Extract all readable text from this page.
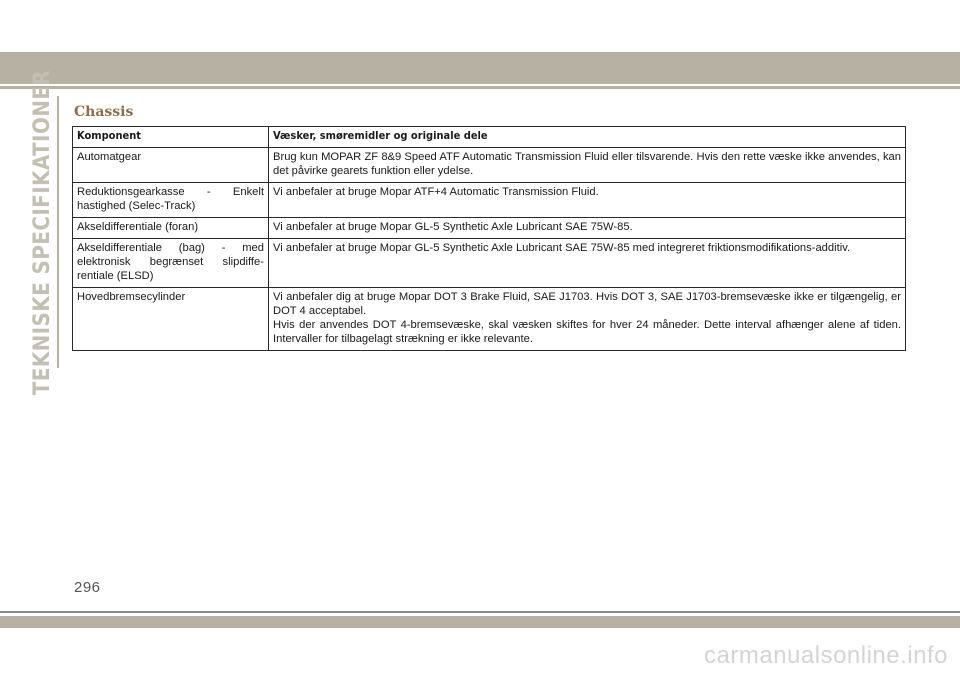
TEKNISKE SPECIFIKATIONER Chassis
Komponent	Væsker, smøremidler og originale dele
Automatgear	Brug kun MOPAR ZF 8&9 Speed ATF Automatic Transmission Fluid eller tilsvarende. Hvis den rette væske ikke anvendes, kan det påvirke gearets funktion eller ydelse.

Reduktionsgearkasse - Enkelt hastighed (Selec-Track)	Vi anbefaler at bruge Mopar ATF+4 Automatic Transmission Fluid.

Akseldifferentiale (foran)	Vi anbefaler at bruge Mopar GL-5 Synthetic Axle Lubricant SAE 75W-85.

Akseldifferentiale (bag) - med elektronisk begrænset slipdiffe-rentiale (ELSD)	Vi anbefaler at bruge Mopar GL-5 Synthetic Axle Lubricant SAE 75W-85 med integreret friktionsmodifikations-additiv.

Hovedbremsecylinder	Vi anbefaler dig at bruge Mopar DOT 3 Brake Fluid, SAE J1703. Hvis DOT 3, SAE J1703-bremsevæske ikke er tilgængelig, er DOT 4 acceptabel.
Hvis der anvendes DOT 4-bremsevæske, skal væsken skiftes for hver 24 måneder. Dette interval afhænger alene af tiden. Intervaller for tilbagelagt strækning er ikke relevante.
296
carmanualsonline.info
